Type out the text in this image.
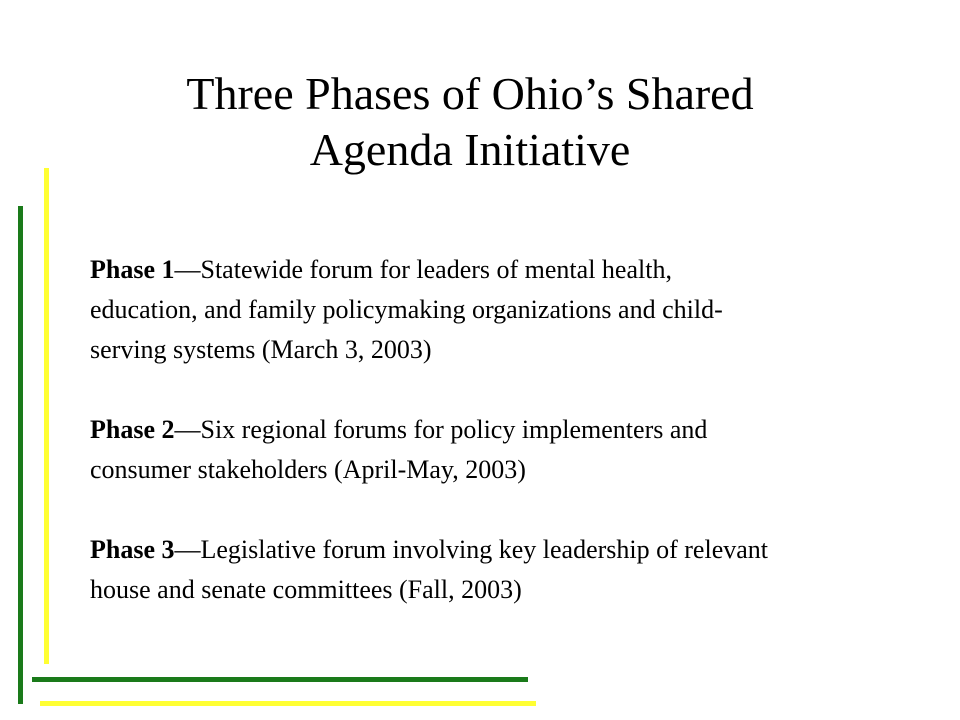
Three Phases of Ohio’s Shared
Agenda Initiative
Phase 1—Statewide forum for leaders of mental health,
education, and family policymaking organizations and child-
serving systems (March 3, 2003)
Phase 2—Six regional forums for policy implementers and
consumer stakeholders (April-May, 2003)
Phase 3—Legislative forum involving key leadership of relevant
house and senate committees (Fall, 2003)
